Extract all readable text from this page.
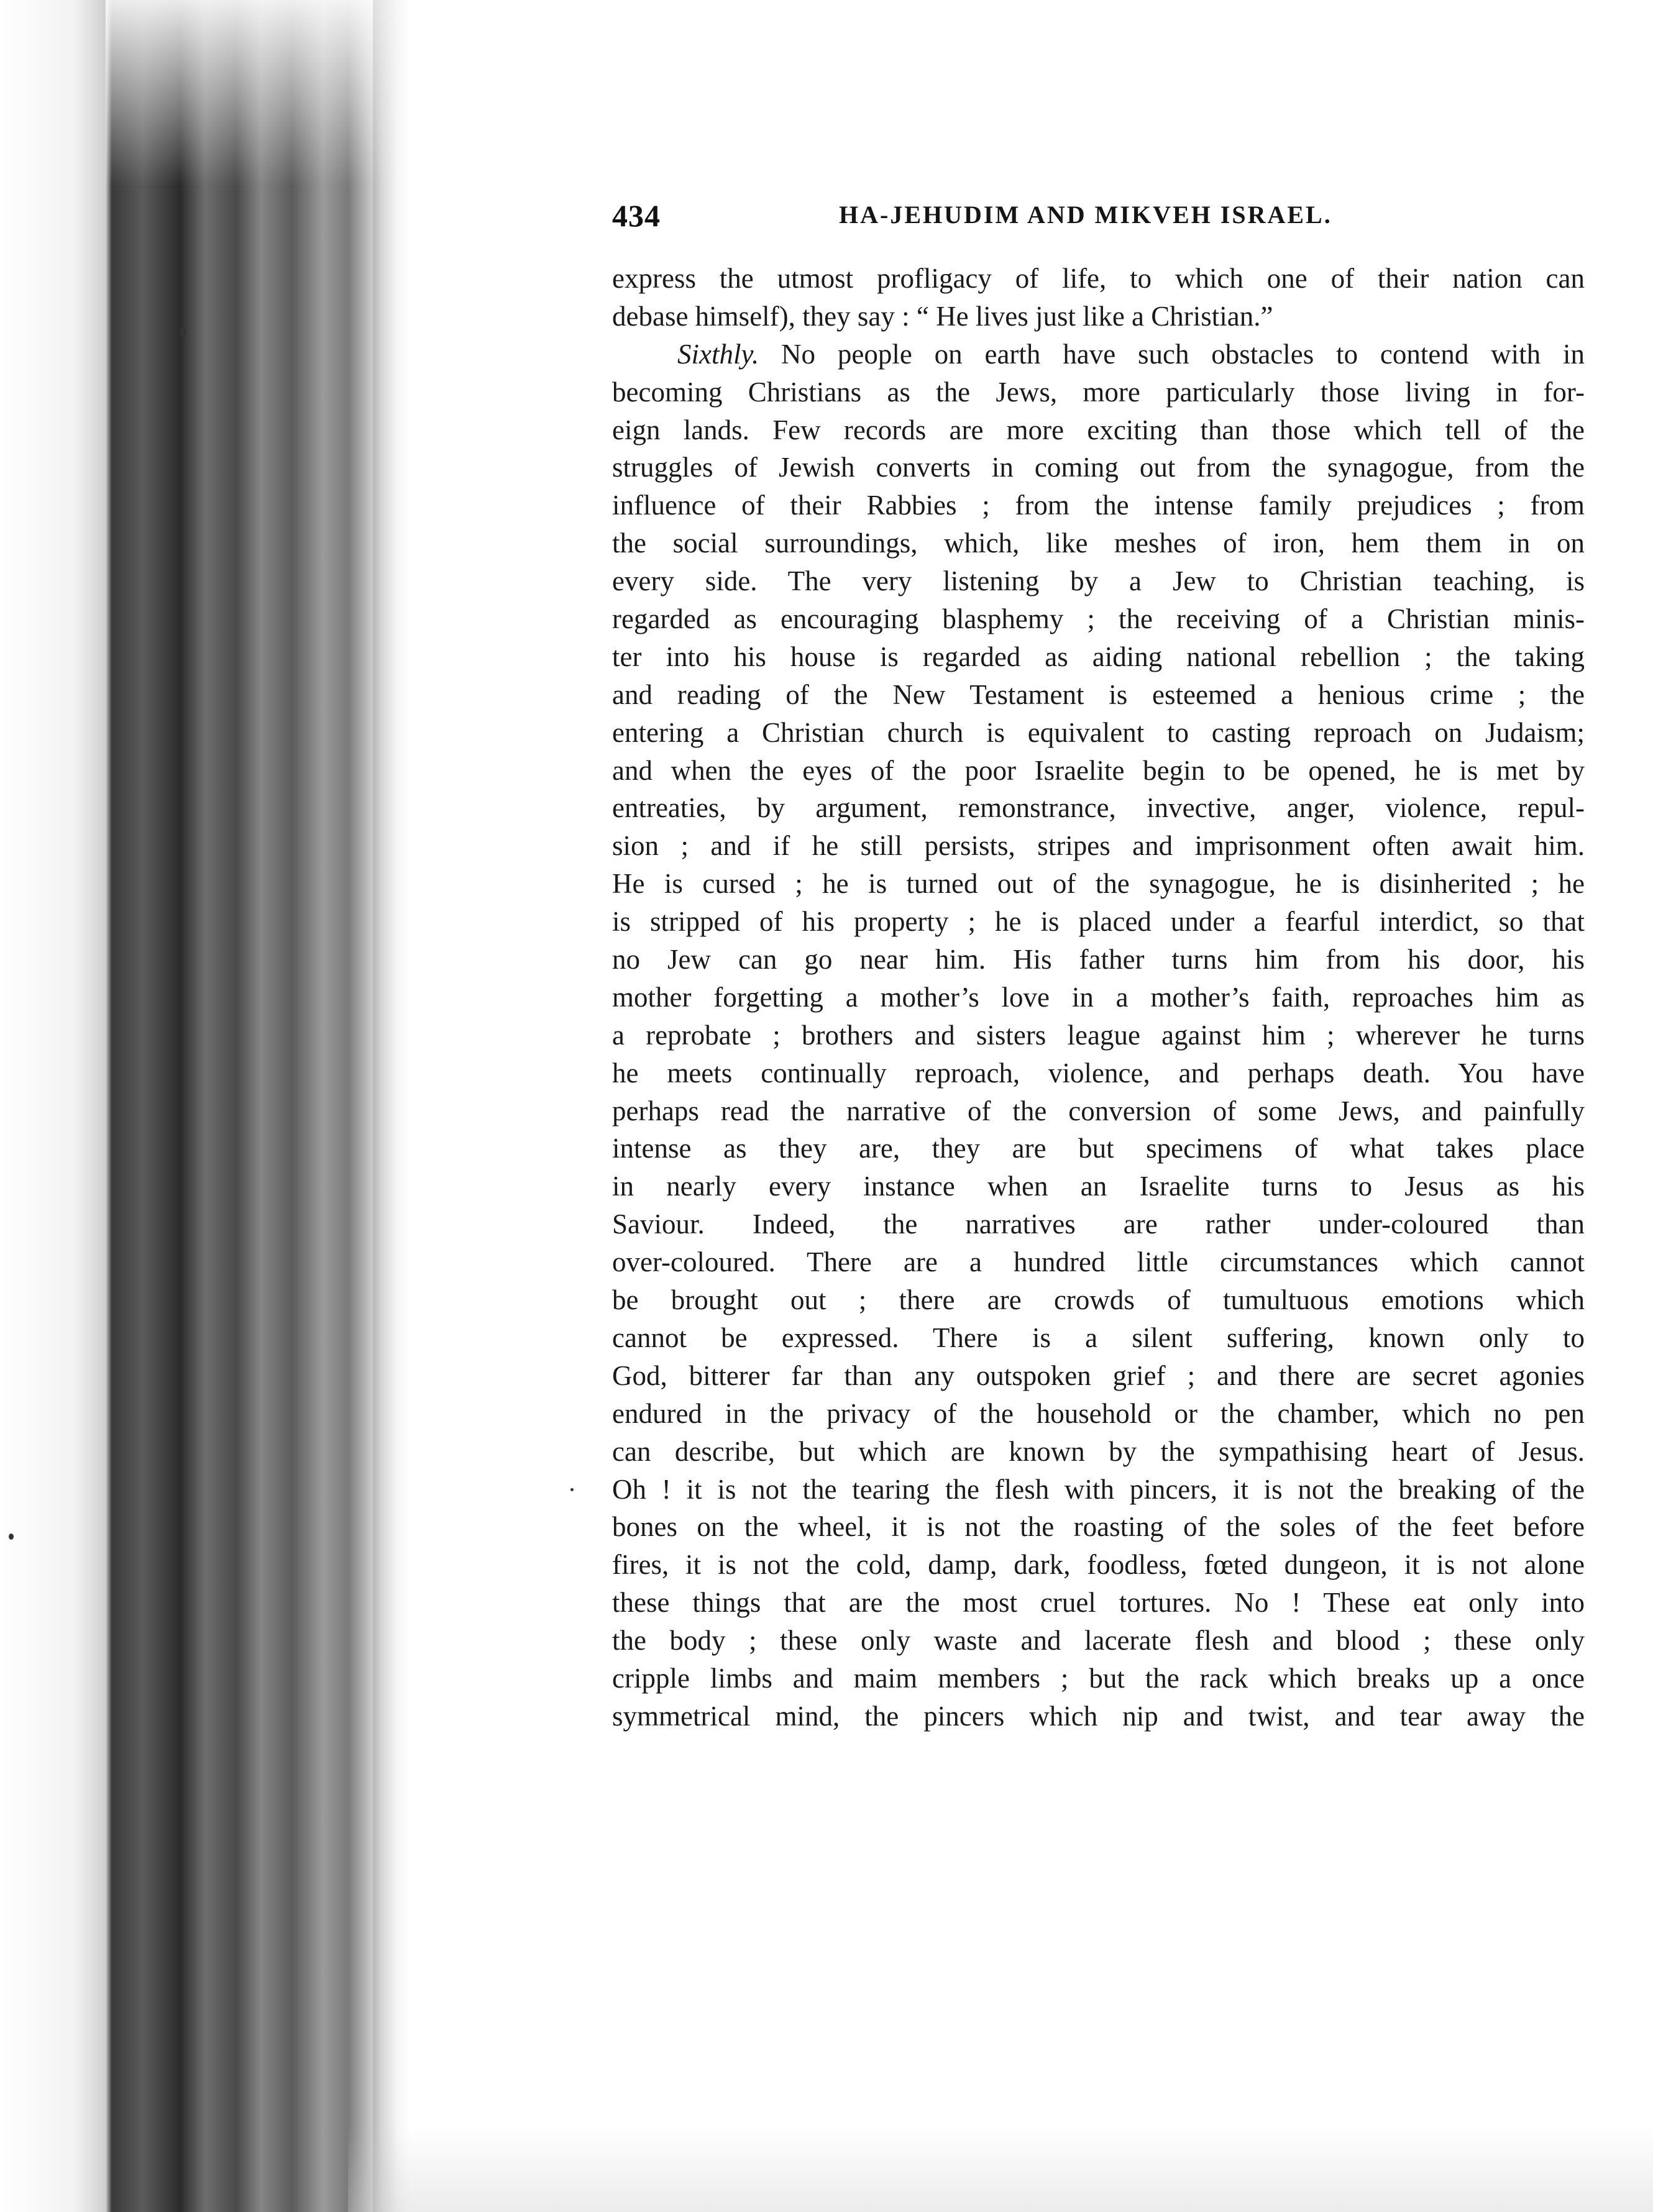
434	HA-JEHUDIM AND MIKVEH ISRAEL.
express the utmost profligacy of life, to which one of their nation can
debase himself), they say : “ He lives just like a Christian.”
Sixthly. No people on earth have such obstacles to contend with in
becoming Christians as the Jews, more particularly those living in for-
eign lands. Few records are more exciting than those which tell of the
struggles of Jewish converts in coming out from the synagogue, from the
influence of their Rabbies ; from the intense family prejudices ; from
the social surroundings, which, like meshes of iron, hem them in on
every side. The very listening by a Jew to Christian teaching, is
regarded as encouraging blasphemy ; the receiving of a Christian minis-
ter into his house is regarded as aiding national rebellion ; the taking
and reading of the New Testament is esteemed a henious crime ; the
entering a Christian church is equivalent to casting reproach on Judaism;
and when the eyes of the poor Israelite begin to be opened, he is met by
entreaties, by argument, remonstrance, invective, anger, violence, repul-
sion ; and if he still persists, stripes and imprisonment often await him.
He is cursed ; he is turned out of the synagogue, he is disinherited ; he
is stripped of his property ; he is placed under a fearful interdict, so that
no Jew can go near him. His father turns him from his door, his
mother forgetting a mother’s love in a mother’s faith, reproaches him as
a reprobate ; brothers and sisters league against him ; wherever he turns
he meets continually reproach, violence, and perhaps death. You have
perhaps read the narrative of the conversion of some Jews, and painfully
intense as they are, they are but specimens of what takes place
in nearly every instance when an Israelite turns to Jesus as his
Saviour. Indeed, the narratives are rather under-coloured than
over-coloured. There are a hundred little circumstances which cannot
be brought out ; there are crowds of tumultuous emotions which
cannot be expressed. There is a silent suffering, known only to
God, bitterer far than any outspoken grief ; and there are secret agonies
endured in the privacy of the household or the chamber, which no pen
can describe, but which are known by the sympathising heart of Jesus.
Oh ! it is not the tearing the flesh with pincers, it is not the breaking of the
bones on the wheel, it is not the roasting of the soles of the feet before
fires, it is not the cold, damp, dark, foodless, fœted dungeon, it is not alone
these things that are the most cruel tortures. No ! These eat only into
the body ; these only waste and lacerate flesh and blood ; these only
cripple limbs and maim members ; but the rack which breaks up a once
symmetrical mind, the pincers which nip and twist, and tear away the
